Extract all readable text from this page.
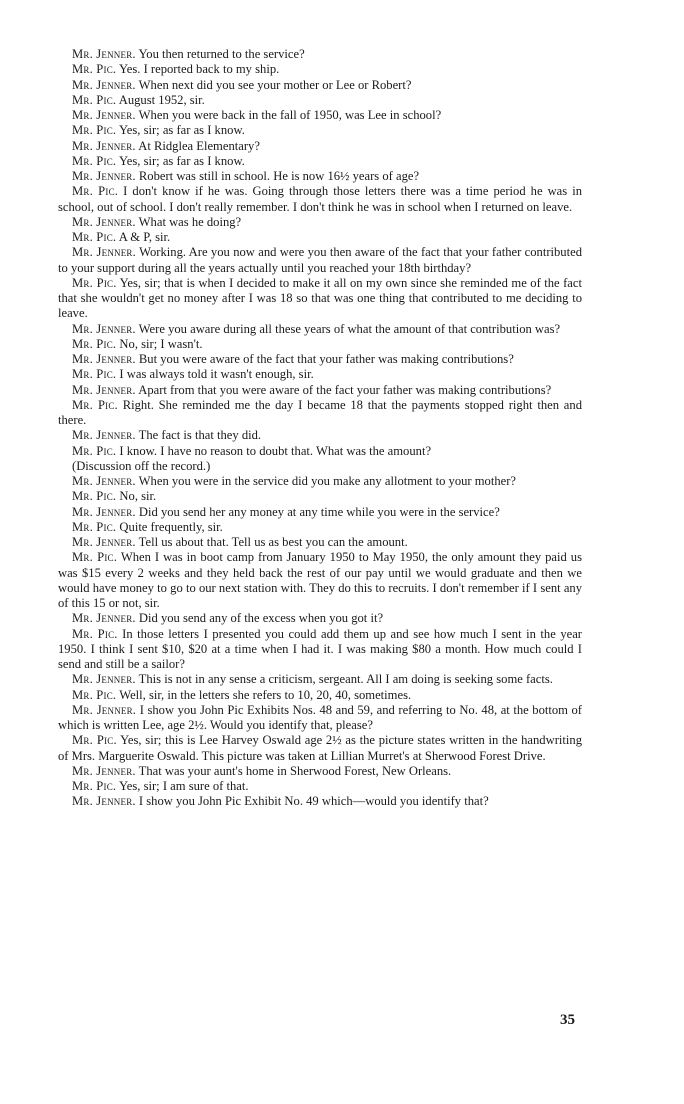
Mr. Jenner. You then returned to the service?

Mr. Pic. Yes. I reported back to my ship.

Mr. Jenner. When next did you see your mother or Lee or Robert?

Mr. Pic. August 1952, sir.

Mr. Jenner. When you were back in the fall of 1950, was Lee in school?

Mr. Pic. Yes, sir; as far as I know.

Mr. Jenner. At Ridglea Elementary?

Mr. Pic. Yes, sir; as far as I know.

Mr. Jenner. Robert was still in school. He is now 16½ years of age?

Mr. Pic. I don't know if he was. Going through those letters there was a time period he was in school, out of school. I don't really remember. I don't think he was in school when I returned on leave.

Mr. Jenner. What was he doing?

Mr. Pic. A & P, sir.

Mr. Jenner. Working. Are you now and were you then aware of the fact that your father contributed to your support during all the years actually until you reached your 18th birthday?

Mr. Pic. Yes, sir; that is when I decided to make it all on my own since she reminded me of the fact that she wouldn't get no money after I was 18 so that was one thing that contributed to me deciding to leave.

Mr. Jenner. Were you aware during all these years of what the amount of that contribution was?

Mr. Pic. No, sir; I wasn't.

Mr. Jenner. But you were aware of the fact that your father was making contributions?

Mr. Pic. I was always told it wasn't enough, sir.

Mr. Jenner. Apart from that you were aware of the fact your father was making contributions?

Mr. Pic. Right. She reminded me the day I became 18 that the payments stopped right then and there.

Mr. Jenner. The fact is that they did.

Mr. Pic. I know. I have no reason to doubt that. What was the amount?

(Discussion off the record.)

Mr. Jenner. When you were in the service did you make any allotment to your mother?

Mr. Pic. No, sir.

Mr. Jenner. Did you send her any money at any time while you were in the service?

Mr. Pic. Quite frequently, sir.

Mr. Jenner. Tell us about that. Tell us as best you can the amount.

Mr. Pic. When I was in boot camp from January 1950 to May 1950, the only amount they paid us was $15 every 2 weeks and they held back the rest of our pay until we would graduate and then we would have money to go to our next station with. They do this to recruits. I don't remember if I sent any of this 15 or not, sir.

Mr. Jenner. Did you send any of the excess when you got it?

Mr. Pic. In those letters I presented you could add them up and see how much I sent in the year 1950. I think I sent $10, $20 at a time when I had it. I was making $80 a month. How much could I send and still be a sailor?

Mr. Jenner. This is not in any sense a criticism, sergeant. All I am doing is seeking some facts.

Mr. Pic. Well, sir, in the letters she refers to 10, 20, 40, sometimes.

Mr. Jenner. I show you John Pic Exhibits Nos. 48 and 59, and referring to No. 48, at the bottom of which is written Lee, age 2½. Would you identify that, please?

Mr. Pic. Yes, sir; this is Lee Harvey Oswald age 2½ as the picture states written in the handwriting of Mrs. Marguerite Oswald. This picture was taken at Lillian Murret's at Sherwood Forest Drive.

Mr. Jenner. That was your aunt's home in Sherwood Forest, New Orleans.

Mr. Pic. Yes, sir; I am sure of that.

Mr. Jenner. I show you John Pic Exhibit No. 49 which—would you identify that?

35
